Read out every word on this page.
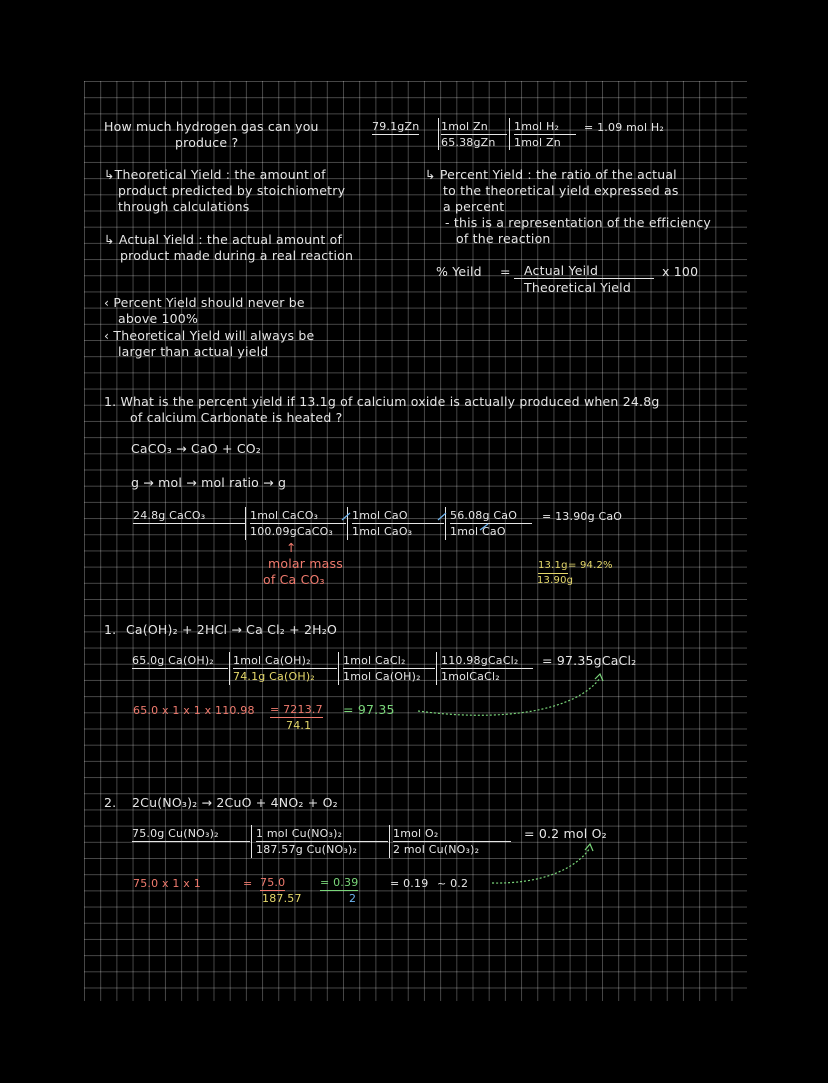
How much hydrogen gas can you
produce ?
79.1gZn 1mol Zn
65.38gZn
1mol H₂
1mol Zn
= 1.09 mol H₂
↳Theoretical Yield : the amount of
product predicted by stoichiometry
through calculations
↳ Actual Yield : the actual amount of
product made during a real reaction
↳ Percent Yield : the ratio of the actual
to the theoretical yield expressed as
a percent
- this is a representation of the efficiency
of the reaction
% Yeild =	Actual Yeild
Theoretical Yield
x 100
‹ Percent Yield should never be
above 100%
‹ Theoretical Yield will always be
larger than actual yield
1. What is the percent yield if 13.1g of calcium oxide is actually produced when 24.8g
of calcium Carbonate is heated ?
CaCO₃ → CaO + CO₂
g → mol → mol ratio → g
24.8g CaCO₃	1mol CaCO₃
100.09gCaCO₃
1mol CaO
1mol CaO₃
56.08g CaO
1mol CaO
= 13.90g CaO
↑
molar mass
of Ca CO₃
13.1g
13.90g
= 94.2%
1. Ca(OH)₂ + 2HCl → Ca Cl₂ + 2H₂O
65.0g Ca(OH)₂	1mol Ca(OH)₂
74.1g Ca(OH)₂
1mol CaCl₂
1mol Ca(OH)₂
110.98gCaCl₂
1molCaCl₂
= 97.35gCaCl₂
65.0 x 1 x 1 x 110.98 = 7213.7
74.1
= 97.35
2. 2Cu(NO₃)₂ → 2CuO + 4NO₂ + O₂
75.0g Cu(NO₃)₂	1 mol Cu(NO₃)₂
187.57g Cu(NO₃)₂
1mol O₂
2 mol Cu(NO₃)₂
= 0.2 mol O₂
75.0 x 1 x 1	= 75.0
187.57
= 0.39
2
= 0.19 ~ 0.2
